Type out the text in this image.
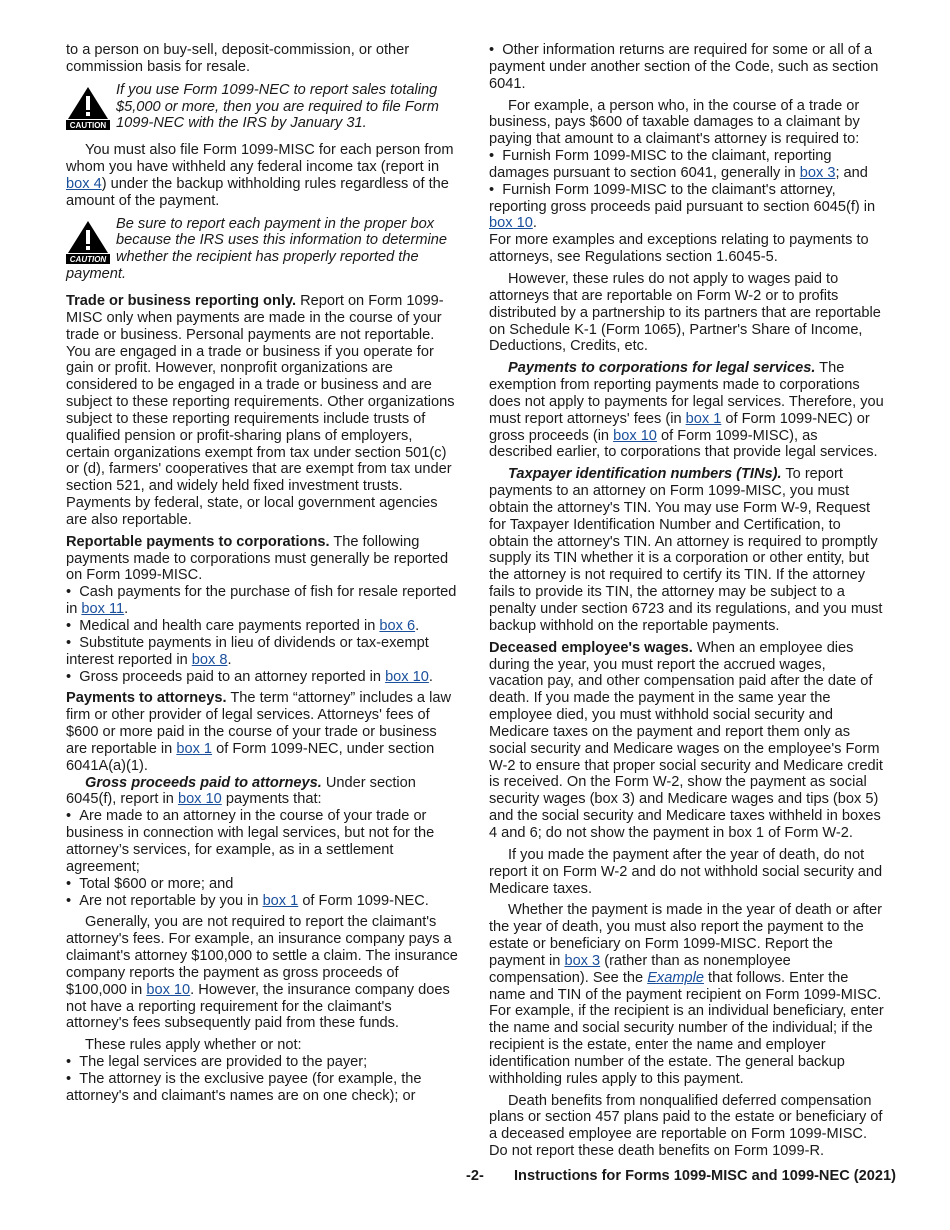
to a person on buy-sell, deposit-commission, or other commission basis for resale.

CAUTION
If you use Form 1099-NEC to report sales totaling $5,000 or more, then you are required to file Form 1099-NEC with the IRS by January 31.

You must also file Form 1099-MISC for each person from whom you have withheld any federal income tax (report in box 4) under the backup withholding rules regardless of the amount of the payment.

CAUTION
Be sure to report each payment in the proper box because the IRS uses this information to determine whether the recipient has properly reported the payment.

Trade or business reporting only. Report on Form 1099-MISC only when payments are made in the course of your trade or business. Personal payments are not reportable. You are engaged in a trade or business if you operate for gain or profit. However, nonprofit organizations are considered to be engaged in a trade or business and are subject to these reporting requirements. Other organizations subject to these reporting requirements include trusts of qualified pension or profit-sharing plans of employers, certain organizations exempt from tax under section 501(c) or (d), farmers' cooperatives that are exempt from tax under section 521, and widely held fixed investment trusts. Payments by federal, state, or local government agencies are also reportable.

Reportable payments to corporations. The following payments made to corporations must generally be reported on Form 1099-MISC.

•  Cash payments for the purchase of fish for resale reported in box 11.

•  Medical and health care payments reported in box 6.

•  Substitute payments in lieu of dividends or tax-exempt interest reported in box 8.

•  Gross proceeds paid to an attorney reported in box 10.

Payments to attorneys. The term “attorney” includes a law firm or other provider of legal services. Attorneys' fees of $600 or more paid in the course of your trade or business are reportable in box 1 of Form 1099-NEC, under section 6041A(a)(1).

Gross proceeds paid to attorneys. Under section 6045(f), report in box 10 payments that:

•  Are made to an attorney in the course of your trade or business in connection with legal services, but not for the attorney’s services, for example, as in a settlement agreement;

•  Total $600 or more; and

•  Are not reportable by you in box 1 of Form 1099-NEC.

Generally, you are not required to report the claimant's attorney's fees. For example, an insurance company pays a claimant's attorney $100,000 to settle a claim. The insurance company reports the payment as gross proceeds of $100,000 in box 10. However, the insurance company does not have a reporting requirement for the claimant's attorney's fees subsequently paid from these funds.

These rules apply whether or not:

•  The legal services are provided to the payer;

•  The attorney is the exclusive payee (for example, the attorney's and claimant's names are on one check); or

•  Other information returns are required for some or all of a payment under another section of the Code, such as section 6041.

For example, a person who, in the course of a trade or business, pays $600 of taxable damages to a claimant by paying that amount to a claimant's attorney is required to:

•  Furnish Form 1099-MISC to the claimant, reporting damages pursuant to section 6041, generally in box 3; and

•  Furnish Form 1099-MISC to the claimant's attorney, reporting gross proceeds paid pursuant to section 6045(f) in box 10.

For more examples and exceptions relating to payments to attorneys, see Regulations section 1.6045-5.

However, these rules do not apply to wages paid to attorneys that are reportable on Form W-2 or to profits distributed by a partnership to its partners that are reportable on Schedule K-1 (Form 1065), Partner's Share of Income, Deductions, Credits, etc.

Payments to corporations for legal services. The exemption from reporting payments made to corporations does not apply to payments for legal services. Therefore, you must report attorneys' fees (in box 1 of Form 1099-NEC) or gross proceeds (in box 10 of Form 1099-MISC), as described earlier, to corporations that provide legal services.

Taxpayer identification numbers (TINs). To report payments to an attorney on Form 1099-MISC, you must obtain the attorney's TIN. You may use Form W-9, Request for Taxpayer Identification Number and Certification, to obtain the attorney's TIN. An attorney is required to promptly supply its TIN whether it is a corporation or other entity, but the attorney is not required to certify its TIN. If the attorney fails to provide its TIN, the attorney may be subject to a penalty under section 6723 and its regulations, and you must backup withhold on the reportable payments.

Deceased employee's wages. When an employee dies during the year, you must report the accrued wages, vacation pay, and other compensation paid after the date of death. If you made the payment in the same year the employee died, you must withhold social security and Medicare taxes on the payment and report them only as social security and Medicare wages on the employee's Form W-2 to ensure that proper social security and Medicare credit is received. On the Form W-2, show the payment as social security wages (box 3) and Medicare wages and tips (box 5) and the social security and Medicare taxes withheld in boxes 4 and 6; do not show the payment in box 1 of Form W-2.

If you made the payment after the year of death, do not report it on Form W-2 and do not withhold social security and Medicare taxes.

Whether the payment is made in the year of death or after the year of death, you must also report the payment to the estate or beneficiary on Form 1099-MISC. Report the payment in box 3 (rather than as nonemployee compensation). See the Example that follows. Enter the name and TIN of the payment recipient on Form 1099-MISC. For example, if the recipient is an individual beneficiary, enter the name and social security number of the individual; if the recipient is the estate, enter the name and employer identification number of the estate. The general backup withholding rules apply to this payment.

Death benefits from nonqualified deferred compensation plans or section 457 plans paid to the estate or beneficiary of a deceased employee are reportable on Form 1099-MISC. Do not report these death benefits on Form 1099-R.

-2- Instructions for Forms 1099-MISC and 1099-NEC (2021)
